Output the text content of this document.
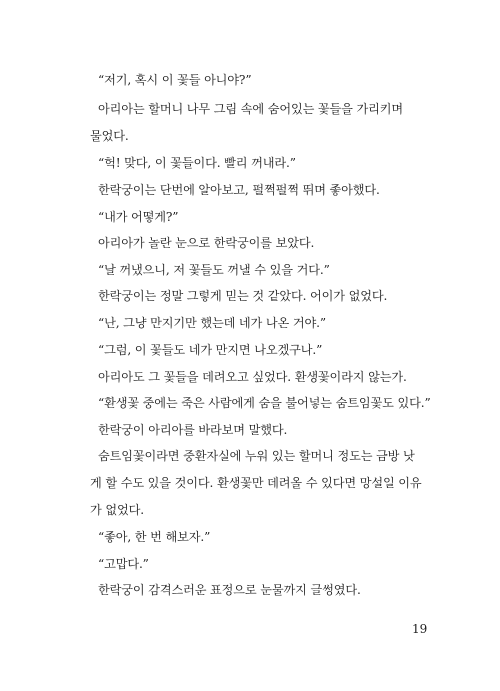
“저기, 혹시 이 꽃들 아니야?”
아리아는 할머니 나무 그림 속에 숨어있는 꽃들을 가리키며
물었다.
“헉! 맞다, 이 꽃들이다. 빨리 꺼내라.”
한락궁이는 단번에 알아보고, 펄쩍펄쩍 뛰며 좋아했다.
“내가 어떻게?”
아리아가 놀란 눈으로 한락궁이를 보았다.
“날 꺼냈으니, 저 꽃들도 꺼낼 수 있을 거다.”
한락궁이는 정말 그렇게 믿는 것 같았다. 어이가 없었다.
“난, 그냥 만지기만 했는데 네가 나온 거야.”
“그럼, 이 꽃들도 네가 만지면 나오겠구나.”
아리아도 그 꽃들을 데려오고 싶었다. 환생꽃이라지 않는가.
“환생꽃 중에는 죽은 사람에게 숨을 불어넣는 숨트임꽃도 있다.”
한락궁이 아리아를 바라보며 말했다.
숨트임꽃이라면 중환자실에 누워 있는 할머니 정도는 금방 낫
게 할 수도 있을 것이다. 환생꽃만 데려올 수 있다면 망설일 이유
가 없었다.
“좋아, 한 번 해보자.”
“고맙다.”
한락궁이 감격스러운 표정으로 눈물까지 글썽였다.
19
